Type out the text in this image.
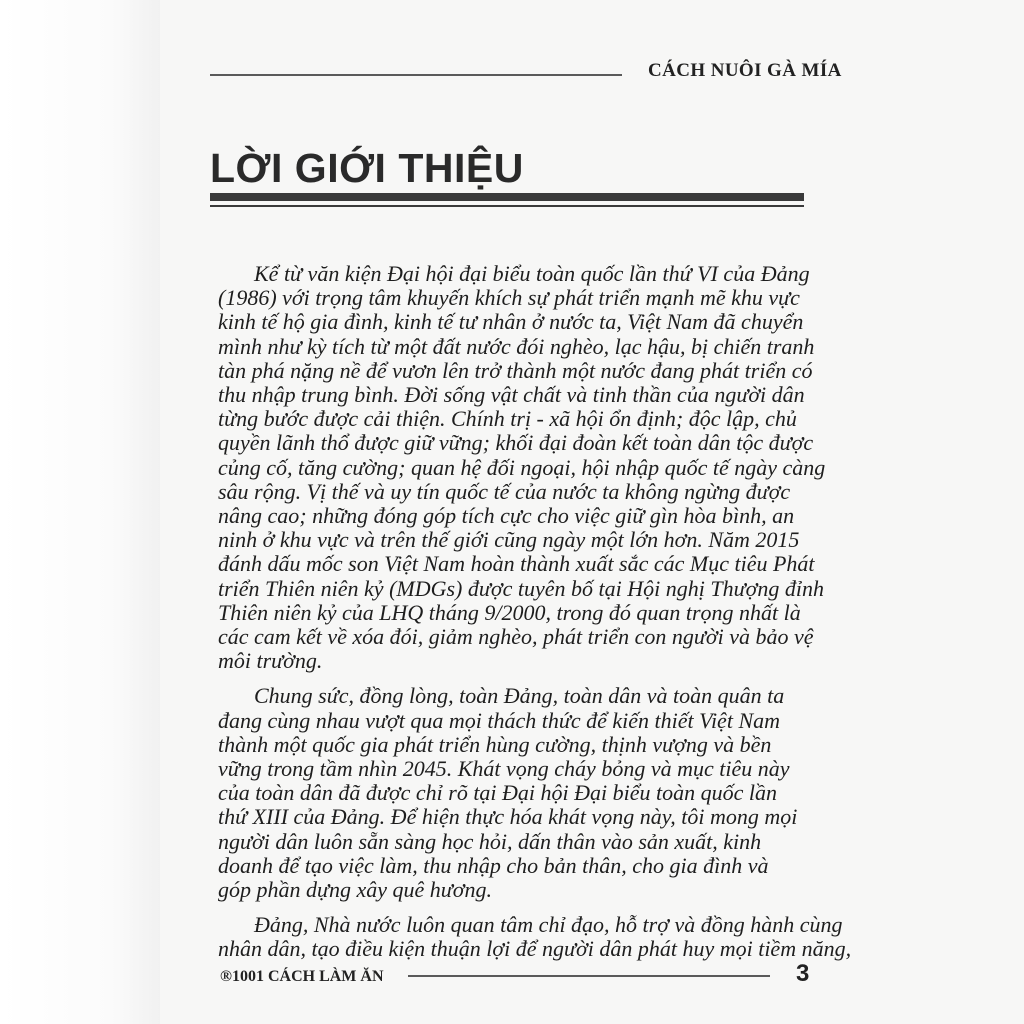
CÁCH NUÔI GÀ MÍA
LỜI GIỚI THIỆU

Kể từ văn kiện Đại hội đại biểu toàn quốc lần thứ VI của Đảng
(1986) với trọng tâm khuyến khích sự phát triển mạnh mẽ khu vực
kinh tế hộ gia đình, kinh tế tư nhân ở nước ta, Việt Nam đã chuyển
mình như kỳ tích từ một đất nước đói nghèo, lạc hậu, bị chiến tranh
tàn phá nặng nề để vươn lên trở thành một nước đang phát triển có
thu nhập trung bình. Đời sống vật chất và tinh thần của người dân
từng bước được cải thiện. Chính trị - xã hội ổn định; độc lập, chủ
quyền lãnh thổ được giữ vững; khối đại đoàn kết toàn dân tộc được
củng cố, tăng cường; quan hệ đối ngoại, hội nhập quốc tế ngày càng
sâu rộng. Vị thế và uy tín quốc tế của nước ta không ngừng được
nâng cao; những đóng góp tích cực cho việc giữ gìn hòa bình, an
ninh ở khu vực và trên thế giới cũng ngày một lớn hơn. Năm 2015
đánh dấu mốc son Việt Nam hoàn thành xuất sắc các Mục tiêu Phát
triển Thiên niên kỷ (MDGs) được tuyên bố tại Hội nghị Thượng đỉnh
Thiên niên kỷ của LHQ tháng 9/2000, trong đó quan trọng nhất là
các cam kết về xóa đói, giảm nghèo, phát triển con người và bảo vệ
môi trường.

Chung sức, đồng lòng, toàn Đảng, toàn dân và toàn quân ta
đang cùng nhau vượt qua mọi thách thức để kiến thiết Việt Nam
thành một quốc gia phát triển hùng cường, thịnh vượng và bền
vững trong tầm nhìn 2045. Khát vọng cháy bỏng và mục tiêu này
của toàn dân đã được chỉ rõ tại Đại hội Đại biểu toàn quốc lần
thứ XIII của Đảng. Để hiện thực hóa khát vọng này, tôi mong mọi
người dân luôn sẵn sàng học hỏi, dấn thân vào sản xuất, kinh
doanh để tạo việc làm, thu nhập cho bản thân, cho gia đình và
góp phần dựng xây quê hương.

Đảng, Nhà nước luôn quan tâm chỉ đạo, hỗ trợ và đồng hành cùng
nhân dân, tạo điều kiện thuận lợi để người dân phát huy mọi tiềm năng,

®1001 CÁCH LÀM ĂN	3
